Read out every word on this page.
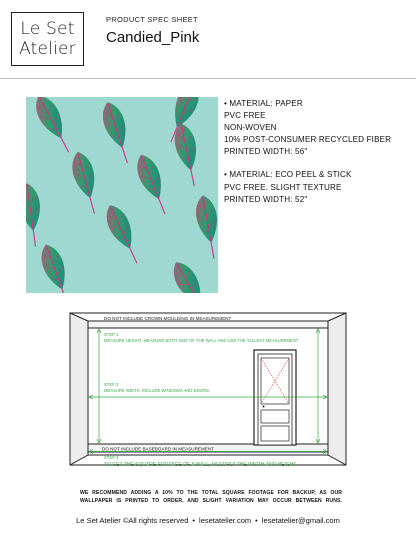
Le Set
Atelier
PRODUCT SPEC SHEET
Candied_Pink
• MATERIAL: PAPER
PVC FREE
NON-WOVEN
10% POST-CONSUMER RECYCLED FIBER
PRINTED WIDTH: 56"
• MATERIAL: ECO PEEL & STICK
PVC FREE. SLIGHT TEXTURE
PRINTED WIDTH: 52"
DO NOT INCLUDE CROWN MOULDING IN MEASUREMENT
DO NOT INCLUDE BASEBOARD IN MEASUREMENT
STEP 1
MEASURE HEIGHT. MEASURE BOTH SIDE OF THE WALL AND USE THE TALLEST MEASUREMENT
STEP 2
MEASURE WIDTH. INCLUDE WINDOWS AND DOORS.
STEP 3
TO GET THE SQUARE FOOTAGE OF A WALL, MULTIPLY THE WIDTH AND HEIGHT.
WE RECOMMEND ADDING A 10% TO THE TOTAL SQUARE FOOTAGE FOR BACKUP, AS OUR WALLPAPER IS PRINTED TO ORDER, AND SLIGHT VARIATION MAY OCCUR BETWEEN RUNS.
Le Set Atelier ©All rights reserved • lesetatelier.com • lesetatelier@gmail.com
